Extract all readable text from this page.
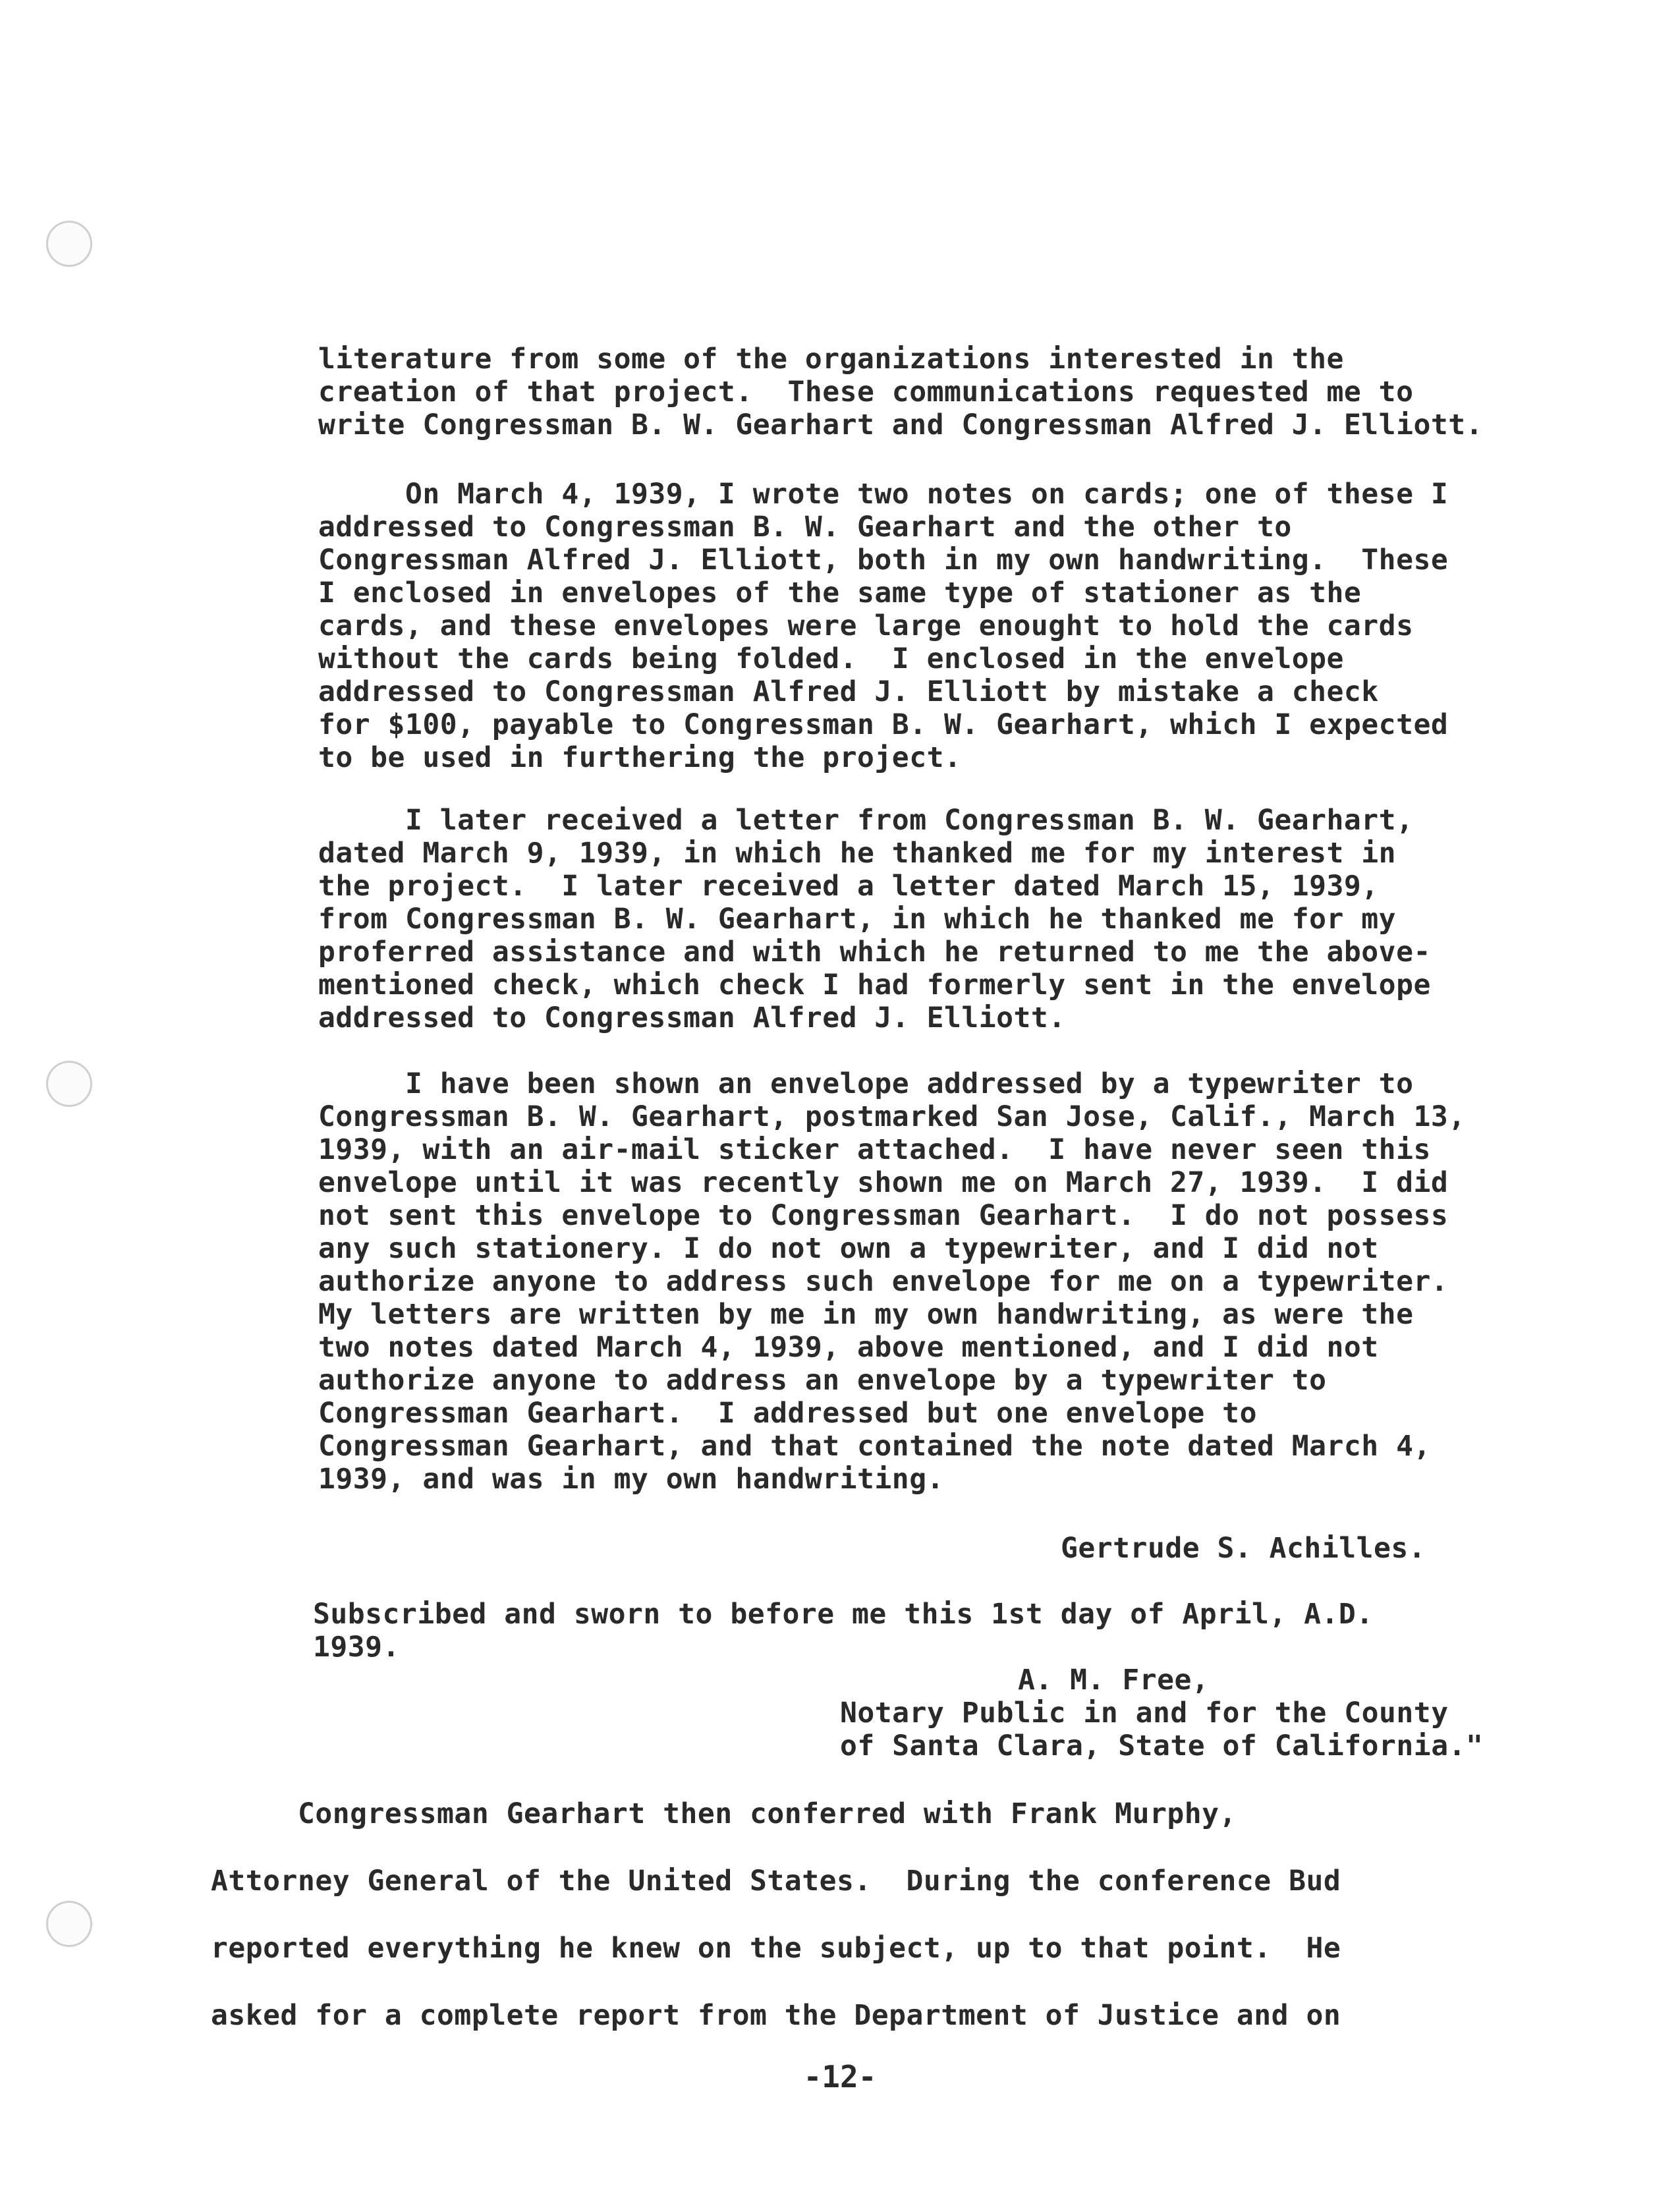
literature from some of the organizations interested in the
creation of that project.  These communications requested me to
write Congressman B. W. Gearhart and Congressman Alfred J. Elliott.
On March 4, 1939, I wrote two notes on cards; one of these I
addressed to Congressman B. W. Gearhart and the other to
Congressman Alfred J. Elliott, both in my own handwriting.  These
I enclosed in envelopes of the same type of stationer as the
cards, and these envelopes were large enought to hold the cards
without the cards being folded.  I enclosed in the envelope
addressed to Congressman Alfred J. Elliott by mistake a check
for $100, payable to Congressman B. W. Gearhart, which I expected
to be used in furthering the project.
I later received a letter from Congressman B. W. Gearhart,
dated March 9, 1939, in which he thanked me for my interest in
the project.  I later received a letter dated March 15, 1939,
from Congressman B. W. Gearhart, in which he thanked me for my
proferred assistance and with which he returned to me the above-
mentioned check, which check I had formerly sent in the envelope
addressed to Congressman Alfred J. Elliott.
I have been shown an envelope addressed by a typewriter to
Congressman B. W. Gearhart, postmarked San Jose, Calif., March 13,
1939, with an air-mail sticker attached.  I have never seen this
envelope until it was recently shown me on March 27, 1939.  I did
not sent this envelope to Congressman Gearhart.  I do not possess
any such stationery. I do not own a typewriter, and I did not
authorize anyone to address such envelope for me on a typewriter.
My letters are written by me in my own handwriting, as were the
two notes dated March 4, 1939, above mentioned, and I did not
authorize anyone to address an envelope by a typewriter to
Congressman Gearhart.  I addressed but one envelope to
Congressman Gearhart, and that contained the note dated March 4,
1939, and was in my own handwriting.
Gertrude S. Achilles.
Subscribed and sworn to before me this 1st day of April, A.D.
1939.
A. M. Free,
Notary Public in and for the County
of Santa Clara, State of California."
Congressman Gearhart then conferred with Frank Murphy,
Attorney General of the United States.  During the conference Bud
reported everything he knew on the subject, up to that point.  He
asked for a complete report from the Department of Justice and on
-12-
